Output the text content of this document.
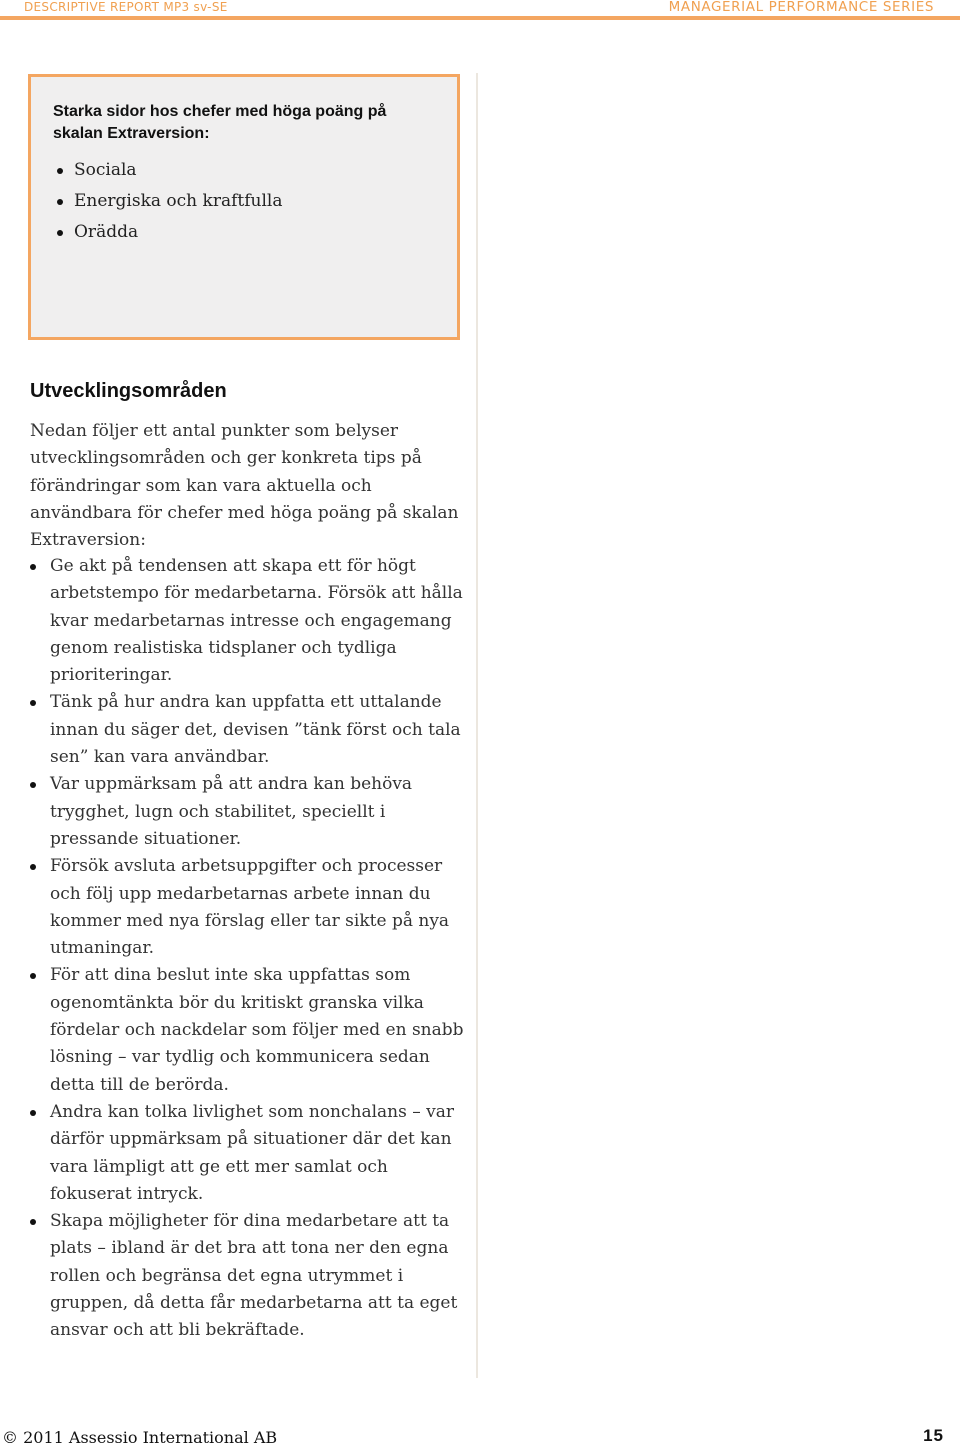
DESCRIPTIVE REPORT MP3 sv-SE	MANAGERIAL PERFORMANCE SERIES
Starka sidor hos chefer med höga poäng på skalan Extraversion:
Sociala
Energiska och kraftfulla
Orädda
Utvecklingsområden

Nedan följer ett antal punkter som belyser utvecklingsområden och ger konkreta tips på förändringar som kan vara aktuella och användbara för chefer med höga poäng på skalan Extraversion:

Ge akt på tendensen att skapa ett för högt arbetstempo för medarbetarna. Försök att hålla kvar medarbetarnas intresse och engagemang genom realistiska tidsplaner och tydliga prioriteringar.
Tänk på hur andra kan uppfatta ett uttalande innan du säger det, devisen ”tänk först och tala sen” kan vara användbar.
Var uppmärksam på att andra kan behöva trygghet, lugn och stabilitet, speciellt i pressande situationer.
Försök avsluta arbetsuppgifter och processer och följ upp medarbetarnas arbete innan du kommer med nya förslag eller tar sikte på nya utmaningar.
För att dina beslut inte ska uppfattas som ogenomtänkta bör du kritiskt granska vilka fördelar och nackdelar som följer med en snabb lösning – var tydlig och kommunicera sedan detta till de berörda.
Andra kan tolka livlighet som nonchalans – var därför uppmärksam på situationer där det kan vara lämpligt att ge ett mer samlat och fokuserat intryck.
Skapa möjligheter för dina medarbetare att ta plats – ibland är det bra att tona ner den egna rollen och begränsa det egna utrymmet i gruppen, då detta får medarbetarna att ta eget ansvar och att bli bekräftade.
© 2011 Assessio International AB	15
